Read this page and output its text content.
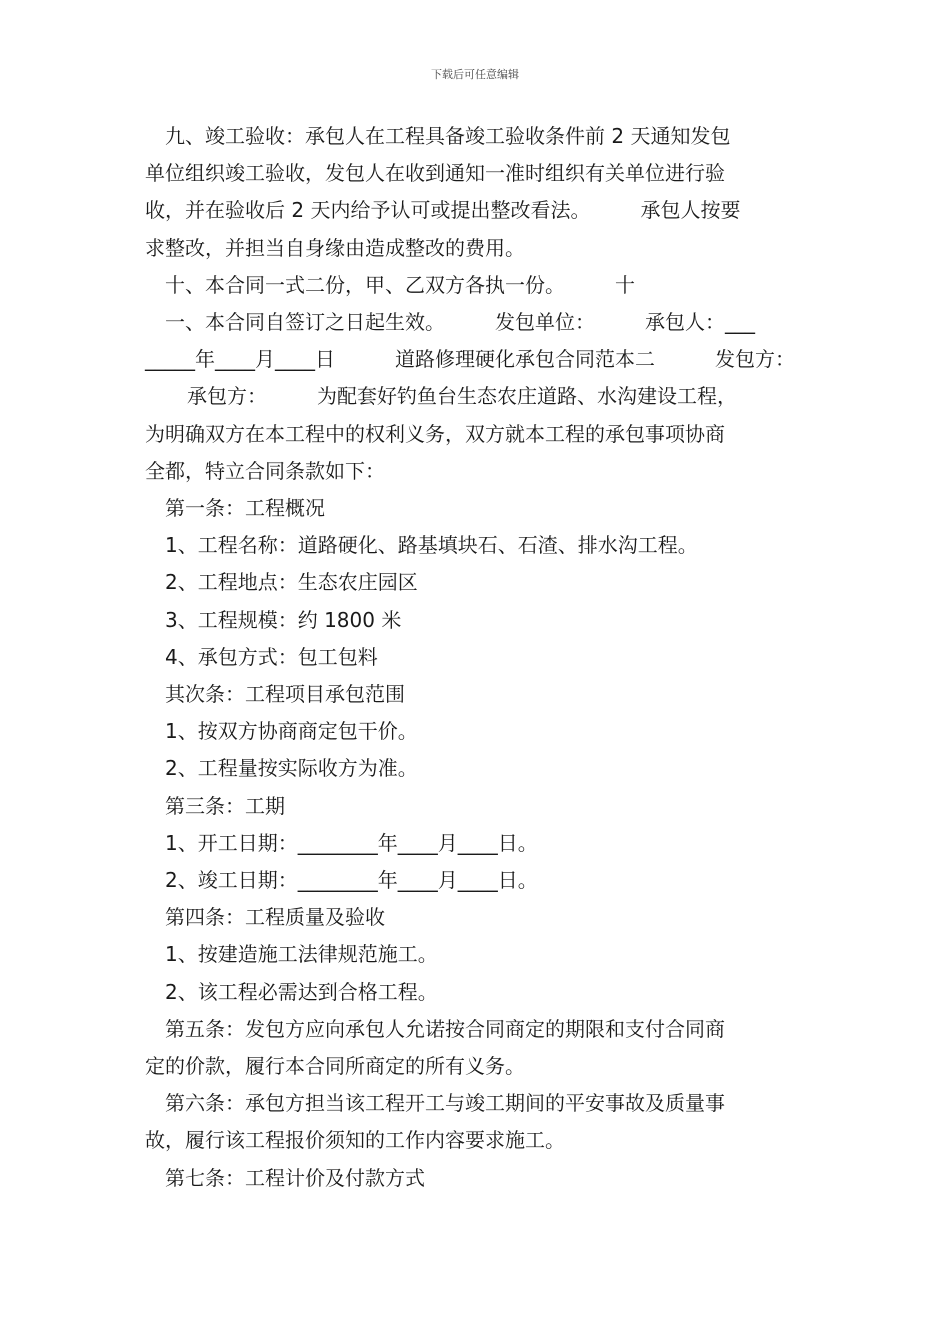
下载后可任意编辑

九、竣工验收：承包人在工程具备竣工验收条件前 2 天通知发包

单位组织竣工验收，发包人在收到通知一准时组织有关单位进行验

收，并在验收后 2 天内给予认可或提出整改看法。　　　承包人按要

求整改，并担当自身缘由造成整改的费用。

十、本合同一式二份，甲、乙双方各执一份。　　　十

一、本合同自签订之日起生效。　　　发包单位：　　　承包人：___

_____年____月____日　　　道路修理硬化承包合同范本二　　　发包方：

承包方：　　　为配套好钓鱼台生态农庄道路、水沟建设工程，

为明确双方在本工程中的权利义务，双方就本工程的承包事项协商

全都，特立合同条款如下：

第一条：工程概况

1、工程名称：道路硬化、路基填块石、石渣、排水沟工程。

2、工程地点：生态农庄园区

3、工程规模：约 1800 米

4、承包方式：包工包料

其次条：工程项目承包范围

1、按双方协商商定包干价。

2、工程量按实际收方为准。

第三条：工期

1、开工日期：________年____月____日。

2、竣工日期：________年____月____日。

第四条：工程质量及验收

1、按建造施工法律规范施工。

2、该工程必需达到合格工程。

第五条：发包方应向承包人允诺按合同商定的期限和支付合同商

定的价款，履行本合同所商定的所有义务。

第六条：承包方担当该工程开工与竣工期间的平安事故及质量事

故，履行该工程报价须知的工作内容要求施工。

第七条：工程计价及付款方式
